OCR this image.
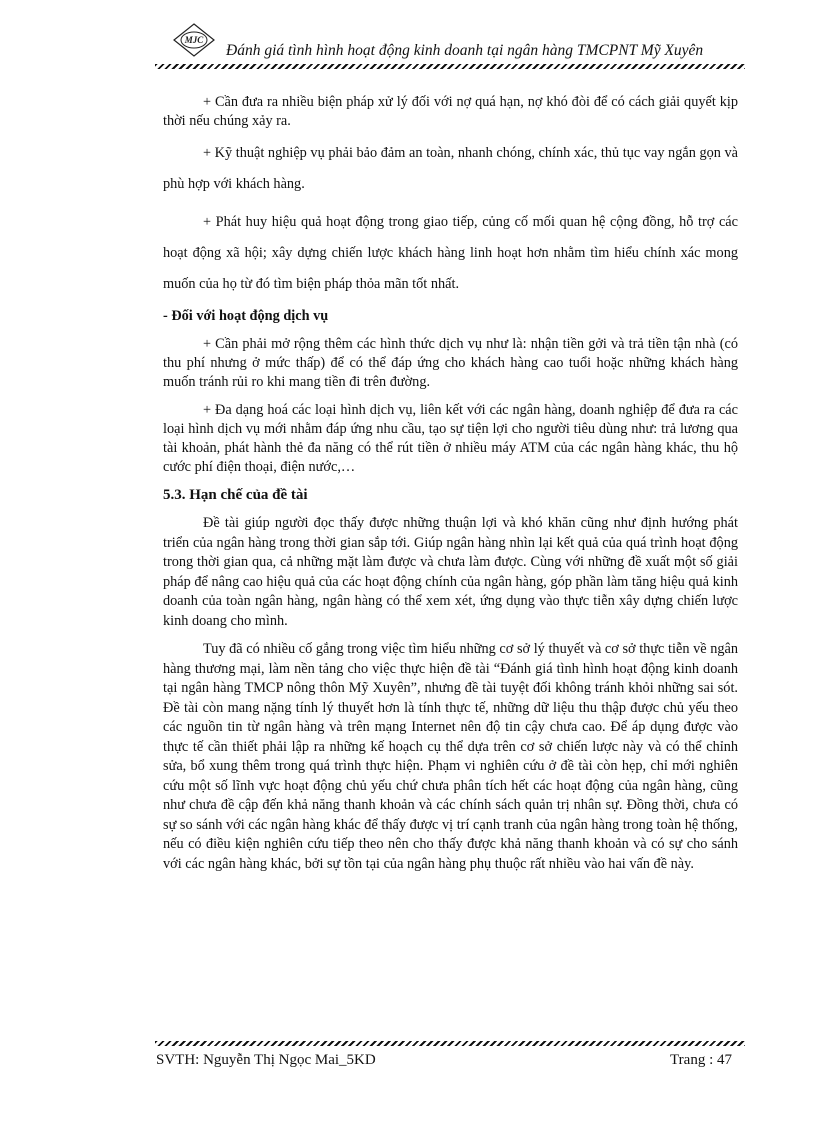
MJC
Đánh giá tình hình hoạt động kinh doanh tại ngân hàng TMCPNT Mỹ Xuyên

+ Cần đưa ra nhiều biện pháp xử lý đối với nợ quá hạn, nợ khó đòi để có cách giải quyết kịp thời nếu chúng xảy ra.

+ Kỹ thuật nghiệp vụ phải bảo đảm an toàn, nhanh chóng, chính xác, thủ tục vay ngắn gọn và phù hợp với khách hàng.

+ Phát huy hiệu quả hoạt động trong giao tiếp, củng cố mối quan hệ cộng đồng, hỗ trợ các hoạt động xã hội; xây dựng chiến lược khách hàng linh hoạt hơn nhằm tìm hiểu chính xác mong muốn của họ từ đó tìm biện pháp thỏa mãn tốt nhất.

- Đối với hoạt động dịch vụ

+ Cần phải mở rộng thêm các hình thức dịch vụ như là: nhận tiền gởi và trả tiền tận nhà (có thu phí nhưng ở mức thấp) để có thể đáp ứng cho khách hàng cao tuổi hoặc những khách hàng muốn tránh rủi ro khi mang tiền đi trên đường.

+ Đa dạng hoá các loại hình dịch vụ, liên kết với các ngân hàng, doanh nghiệp để đưa ra các loại hình dịch vụ mới nhằm đáp ứng nhu cầu, tạo sự tiện lợi cho người tiêu dùng như: trả lương qua tài khoản, phát hành thẻ đa năng có thể rút tiền ở nhiều máy ATM của các ngân hàng khác, thu hộ cước phí điện thoại, điện nước,…

5.3. Hạn chế của đề tài

Đề tài giúp người đọc thấy được những thuận lợi và khó khăn cũng như định hướng phát triển của ngân hàng trong thời gian sắp tới. Giúp ngân hàng nhìn lại kết quả của quá trình hoạt động trong thời gian qua, cả những mặt làm được và chưa làm được. Cùng với những đề xuất một số giải pháp để nâng cao hiệu quả của các hoạt động chính của ngân hàng, góp phần làm tăng hiệu quả kinh doanh của toàn ngân hàng, ngân hàng có thể xem xét, ứng dụng vào thực tiễn xây dựng chiến lược kinh doang cho mình.

Tuy đã có nhiều cố gắng trong việc tìm hiểu những cơ sở lý thuyết và cơ sở thực tiễn về ngân hàng thương mại, làm nền tảng cho việc thực hiện đề tài “Đánh giá tình hình hoạt động kinh doanh tại ngân hàng TMCP nông thôn Mỹ Xuyên”, nhưng đề tài tuyệt đối không tránh khỏi những sai sót. Đề tài còn mang nặng tính lý thuyết hơn là tính thực tế, những dữ liệu thu thập được chủ yếu theo các nguồn tin từ ngân hàng và trên mạng Internet nên độ tin cậy chưa cao. Để áp dụng được vào thực tế cần thiết phải lập ra những kế hoạch cụ thể dựa trên cơ sở chiến lược này và có thể chỉnh sửa, bổ xung thêm trong quá trình thực hiện. Phạm vi nghiên cứu ở đề tài còn hẹp, chỉ mới nghiên cứu một số lĩnh vực hoạt động chủ yếu chứ chưa phân tích hết các hoạt động của ngân hàng, cũng như chưa đề cập đến khả năng thanh khoản và các chính sách quản trị nhân sự. Đồng thời, chưa có sự so sánh với các ngân hàng khác để thấy được vị trí cạnh tranh của ngân hàng trong toàn hệ thống, nếu có điều kiện nghiên cứu tiếp theo nên cho thấy được khả năng thanh khoản và có sự cho sánh với các ngân hàng khác, bởi sự tồn tại của ngân hàng phụ thuộc rất nhiều vào hai vấn đề này.

SVTH: Nguyễn Thị Ngọc Mai_5KD	Trang : 47
